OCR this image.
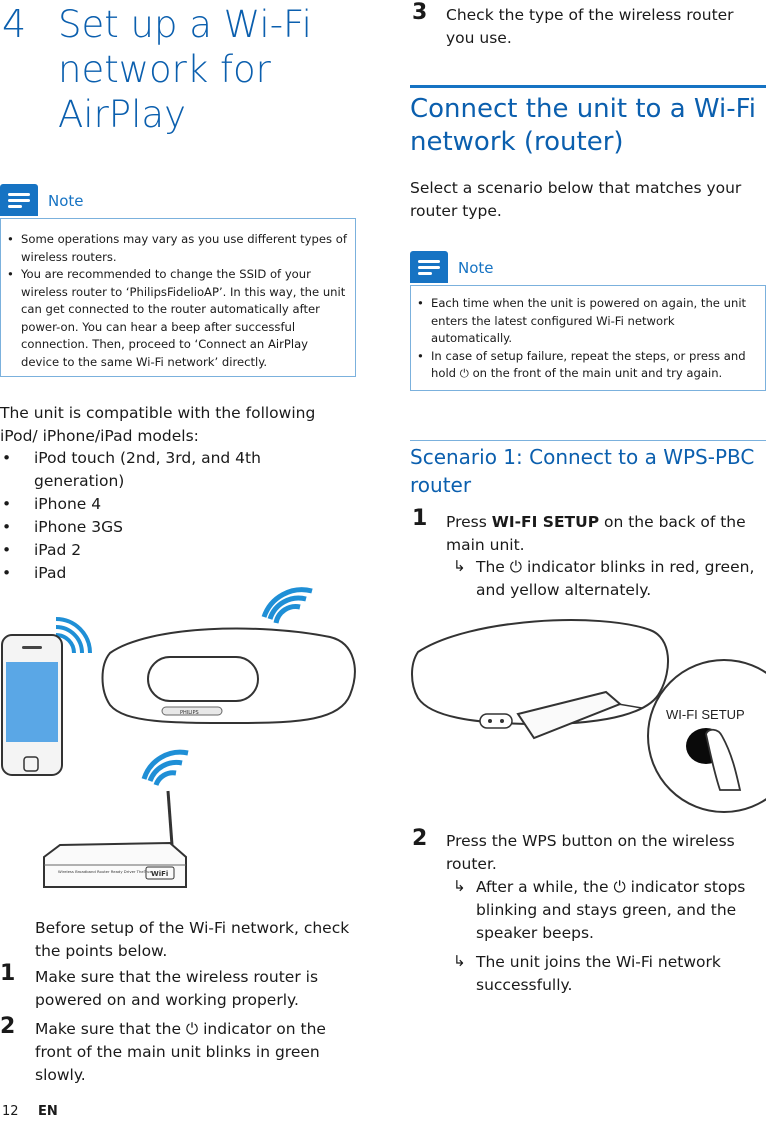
4 Set up a Wi-Fi network for AirPlay
Note
• Some operations may vary as you use different types of wireless routers.
• You are recommended to change the SSID of your wireless router to ‘PhilipsFidelioAP’. In this way, the unit can get connected to the router automatically after power-on. You can hear a beep after successful connection. Then, proceed to ‘Connect an AirPlay device to the same Wi-Fi network’ directly.
The unit is compatible with the following iPod/ iPhone/iPad models:
• iPod touch (2nd, 3rd, and 4th generation)
• iPhone 4
• iPhone 3GS
• iPad 2
• iPad
PHILIPS
Wireless Broadband Router Ready Driver TheTrue WiFi
Before setup of the Wi-Fi network, check the points below.
1 Make sure that the wireless router is powered on and working properly.
2 Make sure that the ⏻ indicator on the front of the main unit blinks in green slowly.
12 EN
3 Check the type of the wireless router you use.
Connect the unit to a Wi-Fi network (router)
Select a scenario below that matches your router type.
Note
• Each time when the unit is powered on again, the unit enters the latest configured Wi-Fi network automatically.
• In case of setup failure, repeat the steps, or press and hold ⏻ on the front of the main unit and try again.
Scenario 1: Connect to a WPS-PBC router
1 Press WI-FI SETUP on the back of the main unit.
↳ The ⏻ indicator blinks in red, green, and yellow alternately.
WI-FI SETUP
2 Press the WPS button on the wireless router.
↳ After a while, the ⏻ indicator stops blinking and stays green, and the speaker beeps.
↳ The unit joins the Wi-Fi network successfully.
